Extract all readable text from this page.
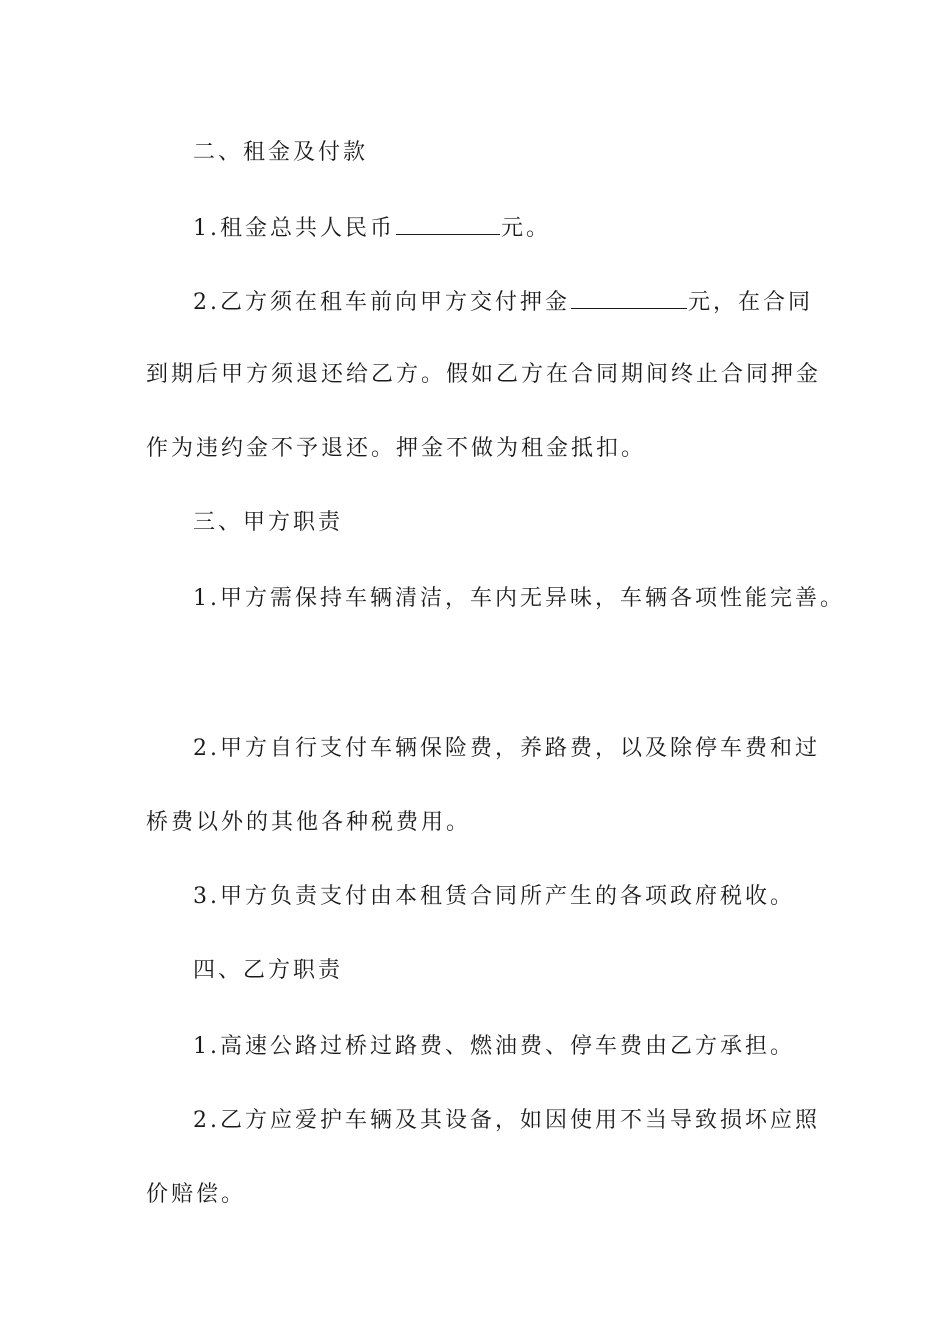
二、租金及付款
1.租金总共人民币	元。
2.乙方须在租车前向甲方交付押金	元，在合同
到期后甲方须退还给乙方。假如乙方在合同期间终止合同押金
作为违约金不予退还。押金不做为租金抵扣。
三、甲方职责
1.甲方需保持车辆清洁，车内无异味，车辆各项性能完善。
2.甲方自行支付车辆保险费，养路费，以及除停车费和过
桥费以外的其他各种税费用。
3.甲方负责支付由本租赁合同所产生的各项政府税收。
四、乙方职责
1.高速公路过桥过路费、燃油费、停车费由乙方承担。
2.乙方应爱护车辆及其设备，如因使用不当导致损坏应照
价赔偿。
